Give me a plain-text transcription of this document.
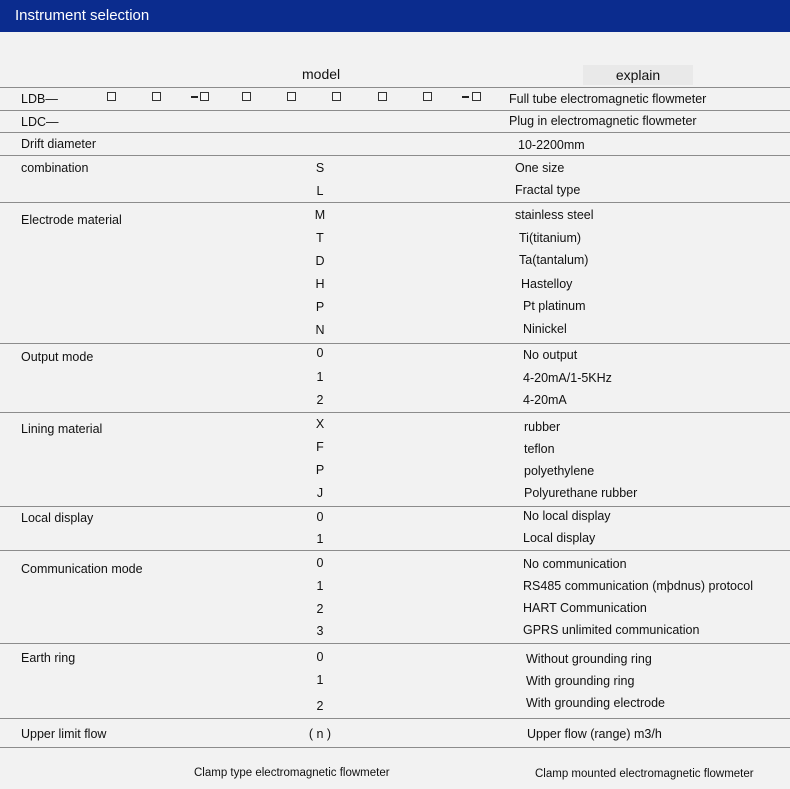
Instrument selection
model	explain
LDB—	Full tube electromagnetic flowmeter
LDC—	Plug in electromagnetic flowmeter
Drift diameter	10-2200mm
combination	S	One size
L	Fractal type
Electrode material	M	stainless steel
T	Ti(titanium)
D	Ta(tantalum)
H	Hastelloy
P	Pt platinum
N	Ninickel
Output mode	0	No output
1	4-20mA/1-5KHz
2	4-20mA
Lining material	X	rubber
F	teflon
P	polyethylene
J	Polyurethane rubber
Local display	0	No local display
1	Local display
Communication mode	0	No communication
1	RS485 communication (mþdnus) protocol
2	HART Communication
3	GPRS unlimited communication
Earth ring	0	Without grounding ring
1	With grounding ring
2	With grounding electrode
Upper limit flow	( n )	Upper flow (range) m3/h
Clamp type electromagnetic flowmeter	Clamp mounted electromagnetic flowmeter
